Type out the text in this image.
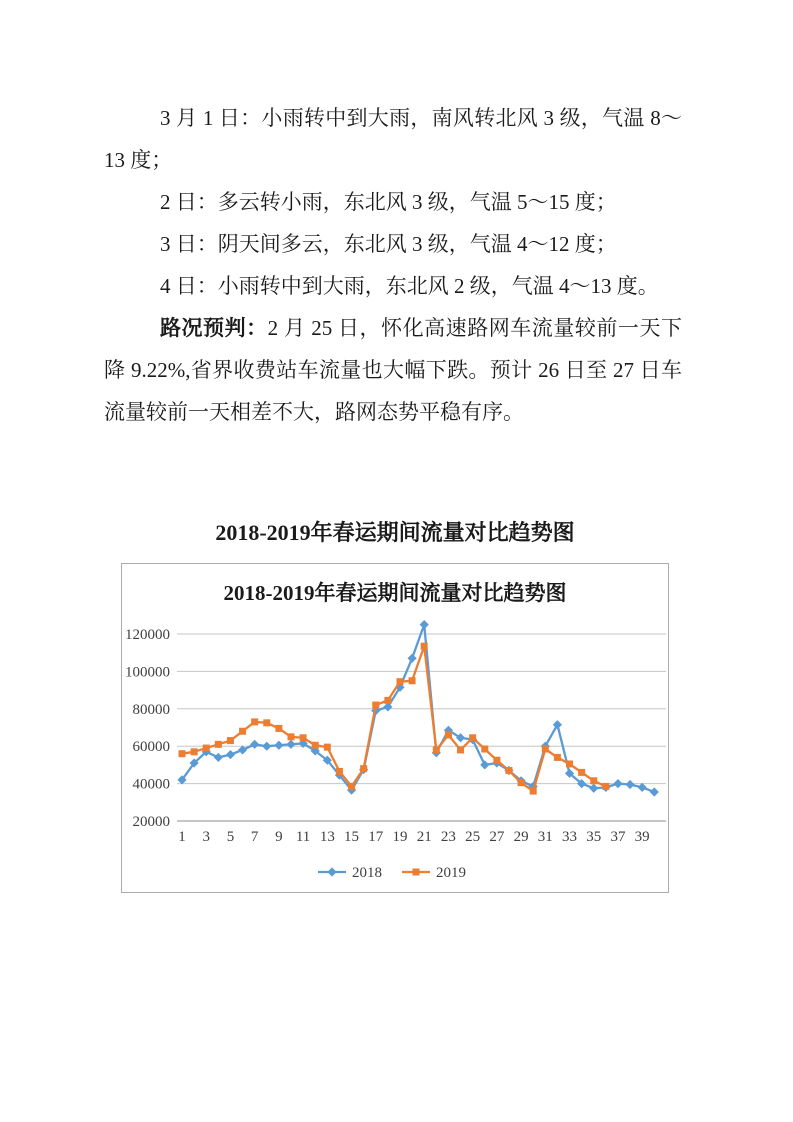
3 月 1 日：小雨转中到大雨，南风转北风 3 级，气温 8～13 度；

2 日：多云转小雨，东北风 3 级，气温 5～15 度；

3 日：阴天间多云，东北风 3 级，气温 4～12 度；

4 日：小雨转中到大雨，东北风 2 级，气温 4～13 度。

路况预判：2 月 25 日，怀化高速路网车流量较前一天下降 9.22%,省界收费站车流量也大幅下跌。预计 26 日至 27 日车流量较前一天相差不大，路网态势平稳有序。

2018-2019年春运期间流量对比趋势图
20000
40000
60000
80000
100000
120000
1 3 5 7 9 11 13 15 17 19 21 23 25 27 29 31 33 35 37 39
2018-2019年春运期间流量对比趋势图
2018	2019
